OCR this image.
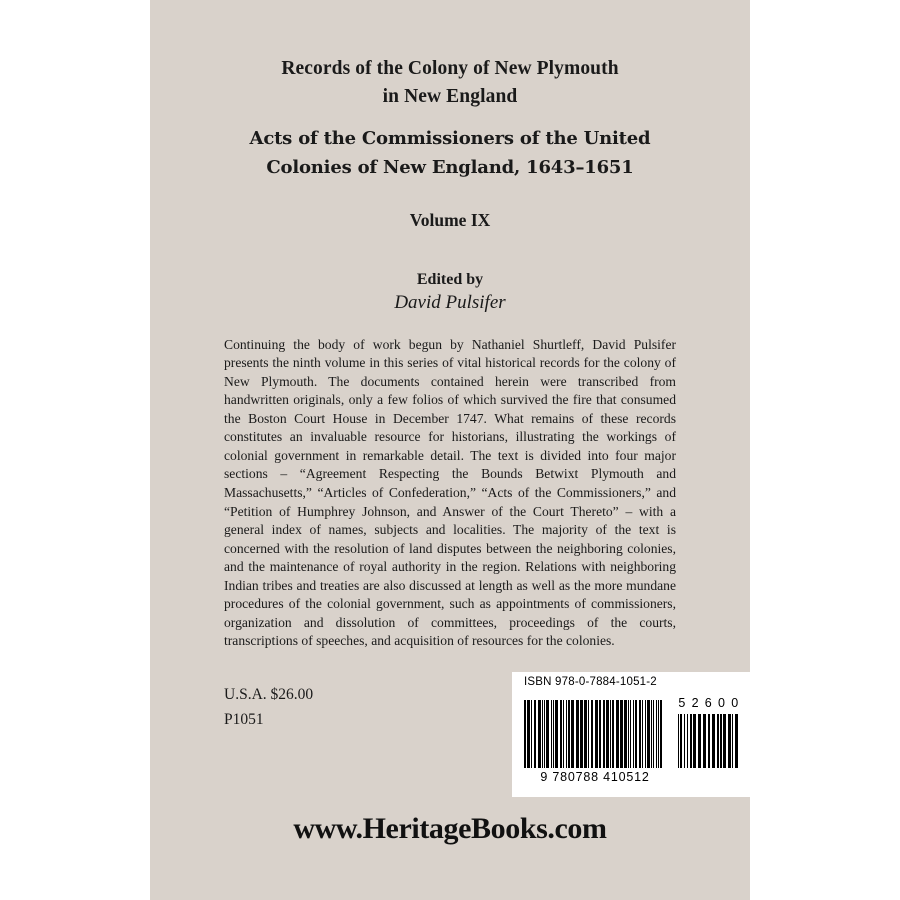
Records of the Colony of New Plymouth
in New England
Acts of the Commissioners of the United
Colonies of New England, 1643–1651
Volume IX
Edited by
David Pulsifer
Continuing the body of work begun by Nathaniel Shurtleff, David Pulsifer presents the ninth volume in this series of vital historical records for the colony of New Plymouth. The documents contained herein were transcribed from handwritten originals, only a few folios of which survived the fire that consumed the Boston Court House in December 1747. What remains of these records constitutes an invaluable resource for historians, illustrating the workings of colonial government in remarkable detail. The text is divided into four major sections – “Agreement Respecting the Bounds Betwixt Plymouth and Massachusetts,” “Articles of Confederation,” “Acts of the Commissioners,” and “Petition of Humphrey Johnson, and Answer of the Court Thereto” – with a general index of names, subjects and localities. The majority of the text is concerned with the resolution of land disputes between the neighboring colonies, and the maintenance of royal authority in the region. Relations with neighboring Indian tribes and treaties are also discussed at length as well as the more mundane procedures of the colonial government, such as appointments of commissioners, organization and dissolution of committees, proceedings of the courts, transcriptions of speeches, and acquisition of resources for the colonies.
U.S.A. $26.00
P1051
ISBN 978-0-7884-1051-2
9 780788 410512
5 2 6 0 0
www.HeritageBooks.com
